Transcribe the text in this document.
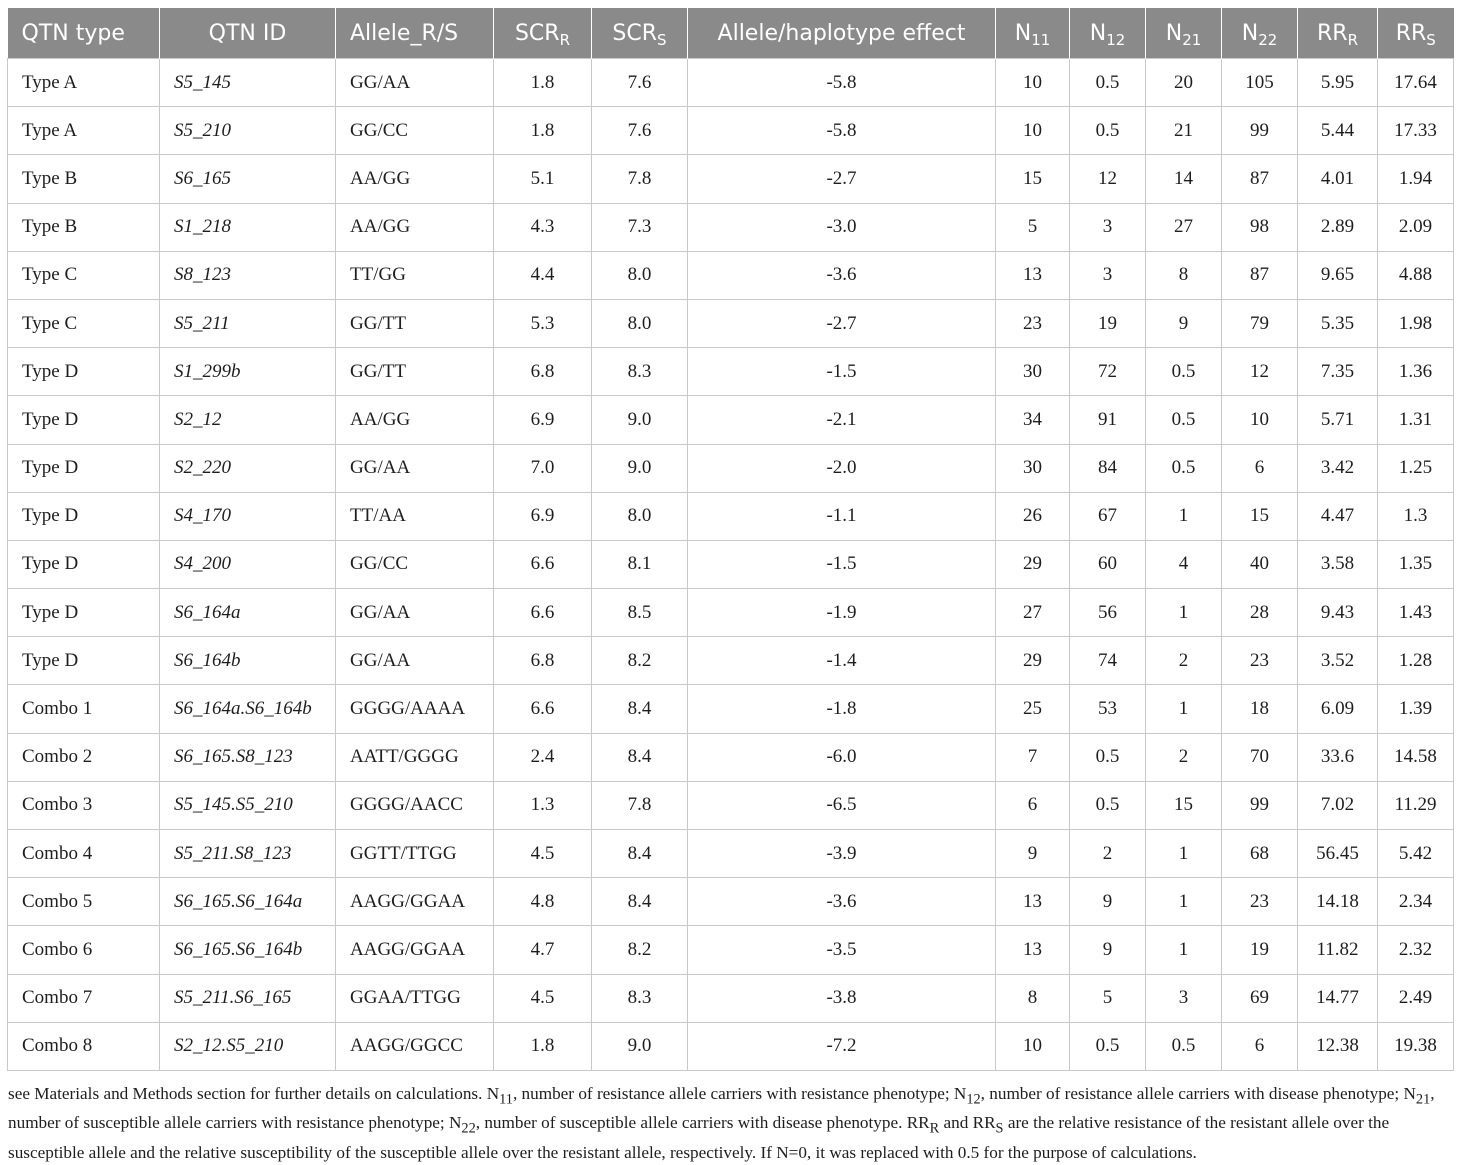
QTN type	QTN ID	Allele_R/S	$SCR_R$	$SCR_S$	Allele/haplotype effect	$N_{11}$	$N_{12}$	$N_{21}$	$N_{22}$	$RR_R$	$RR_S$
Type A	S5_145	GG/AA	1.8	7.6	-5.8	10	0.5	20	105	5.95	17.64
Type A	S5_210	GG/CC	1.8	7.6	-5.8	10	0.5	21	99	5.44	17.33
Type B	S6_165	AA/GG	5.1	7.8	-2.7	15	12	14	87	4.01	1.94
Type B	S1_218	AA/GG	4.3	7.3	-3.0	5	3	27	98	2.89	2.09
Type C	S8_123	TT/GG	4.4	8.0	-3.6	13	3	8	87	9.65	4.88
Type C	S5_211	GG/TT	5.3	8.0	-2.7	23	19	9	79	5.35	1.98
Type D	S1_299b	GG/TT	6.8	8.3	-1.5	30	72	0.5	12	7.35	1.36
Type D	S2_12	AA/GG	6.9	9.0	-2.1	34	91	0.5	10	5.71	1.31
Type D	S2_220	GG/AA	7.0	9.0	-2.0	30	84	0.5	6	3.42	1.25
Type D	S4_170	TT/AA	6.9	8.0	-1.1	26	67	1	15	4.47	1.3
Type D	S4_200	GG/CC	6.6	8.1	-1.5	29	60	4	40	3.58	1.35
Type D	S6_164a	GG/AA	6.6	8.5	-1.9	27	56	1	28	9.43	1.43
Type D	S6_164b	GG/AA	6.8	8.2	-1.4	29	74	2	23	3.52	1.28
Combo 1	S6_164a.S6_164b	GGGG/AAAA	6.6	8.4	-1.8	25	53	1	18	6.09	1.39
Combo 2	S6_165.S8_123	AATT/GGGG	2.4	8.4	-6.0	7	0.5	2	70	33.6	14.58
Combo 3	S5_145.S5_210	GGGG/AACC	1.3	7.8	-6.5	6	0.5	15	99	7.02	11.29
Combo 4	S5_211.S8_123	GGTT/TTGG	4.5	8.4	-3.9	9	2	1	68	56.45	5.42
Combo 5	S6_165.S6_164a	AAGG/GGAA	4.8	8.4	-3.6	13	9	1	23	14.18	2.34
Combo 6	S6_165.S6_164b	AAGG/GGAA	4.7	8.2	-3.5	13	9	1	19	11.82	2.32
Combo 7	S5_211.S6_165	GGAA/TTGG	4.5	8.3	-3.8	8	5	3	69	14.77	2.49
Combo 8	S2_12.S5_210	AAGG/GGCC	1.8	9.0	-7.2	10	0.5	0.5	6	12.38	19.38
see Materials and Methods section for further details on calculations. $N_{11}$, number of resistance allele carriers with resistance phenotype; $N_{12}$, number of resistance allele carriers with disease phenotype; $N_{21}$, number of susceptible allele carriers with resistance phenotype; $N_{22}$, number of susceptible allele carriers with disease phenotype. $RR_R$ and $RR_S$ are the relative resistance of the resistant allele over the susceptible allele and the relative susceptibility of the susceptible allele over the resistant allele, respectively. If N=0, it was replaced with 0.5 for the purpose of calculations.
